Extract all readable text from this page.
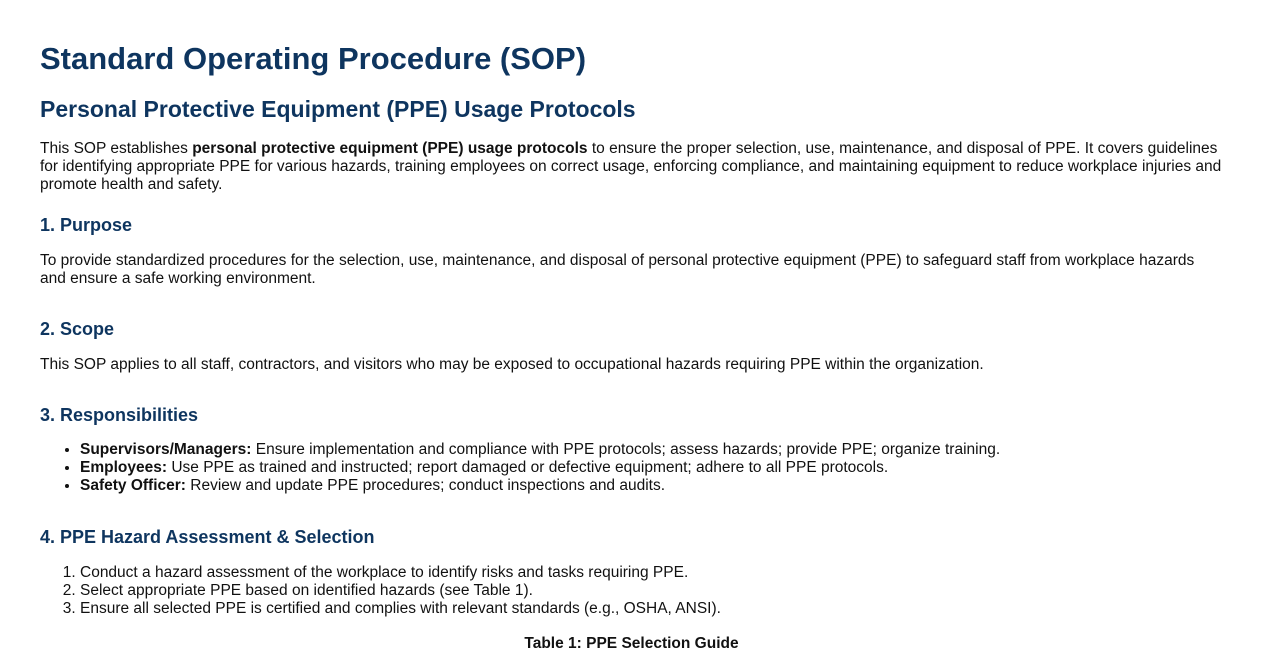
Standard Operating Procedure (SOP)
Personal Protective Equipment (PPE) Usage Protocols

This SOP establishes personal protective equipment (PPE) usage protocols to ensure the proper selection, use, maintenance, and disposal of PPE. It covers guidelines for identifying appropriate PPE for various hazards, training employees on correct usage, enforcing compliance, and maintaining equipment to reduce workplace injuries and promote health and safety.

1. Purpose

To provide standardized procedures for the selection, use, maintenance, and disposal of personal protective equipment (PPE) to safeguard staff from workplace hazards and ensure a safe working environment.

2. Scope

This SOP applies to all staff, contractors, and visitors who may be exposed to occupational hazards requiring PPE within the organization.

3. Responsibilities
• Supervisors/Managers: Ensure implementation and compliance with PPE protocols; assess hazards; provide PPE; organize training.
• Employees: Use PPE as trained and instructed; report damaged or defective equipment; adhere to all PPE protocols.
• Safety Officer: Review and update PPE procedures; conduct inspections and audits.
4. PPE Hazard Assessment & Selection
1. Conduct a hazard assessment of the workplace to identify risks and tasks requiring PPE.
2. Select appropriate PPE based on identified hazards (see Table 1).
3. Ensure all selected PPE is certified and complies with relevant standards (e.g., OSHA, ANSI).
Table 1: PPE Selection Guide
